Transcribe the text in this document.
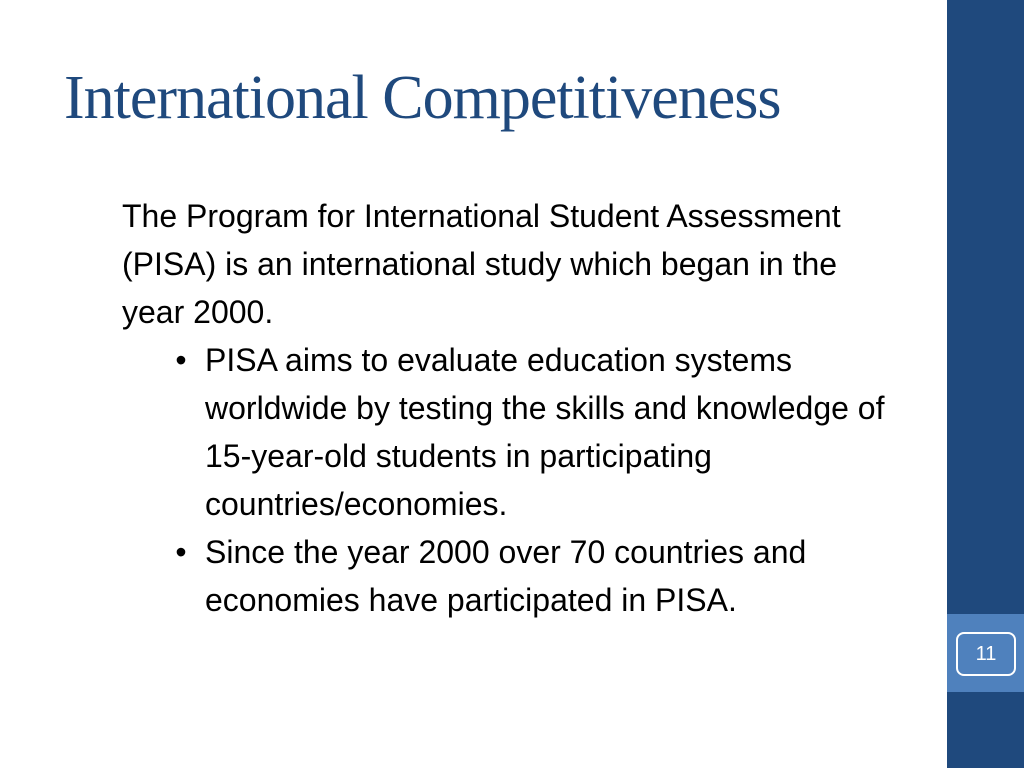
11
International Competitiveness

The Program for International Student Assessment (PISA) is an international study which began in the year 2000.

• PISA aims to evaluate education systems worldwide by testing the skills and knowledge of 15-year-old students in participating countries/economies.
• Since the year 2000 over 70 countries and economies have participated in PISA.
